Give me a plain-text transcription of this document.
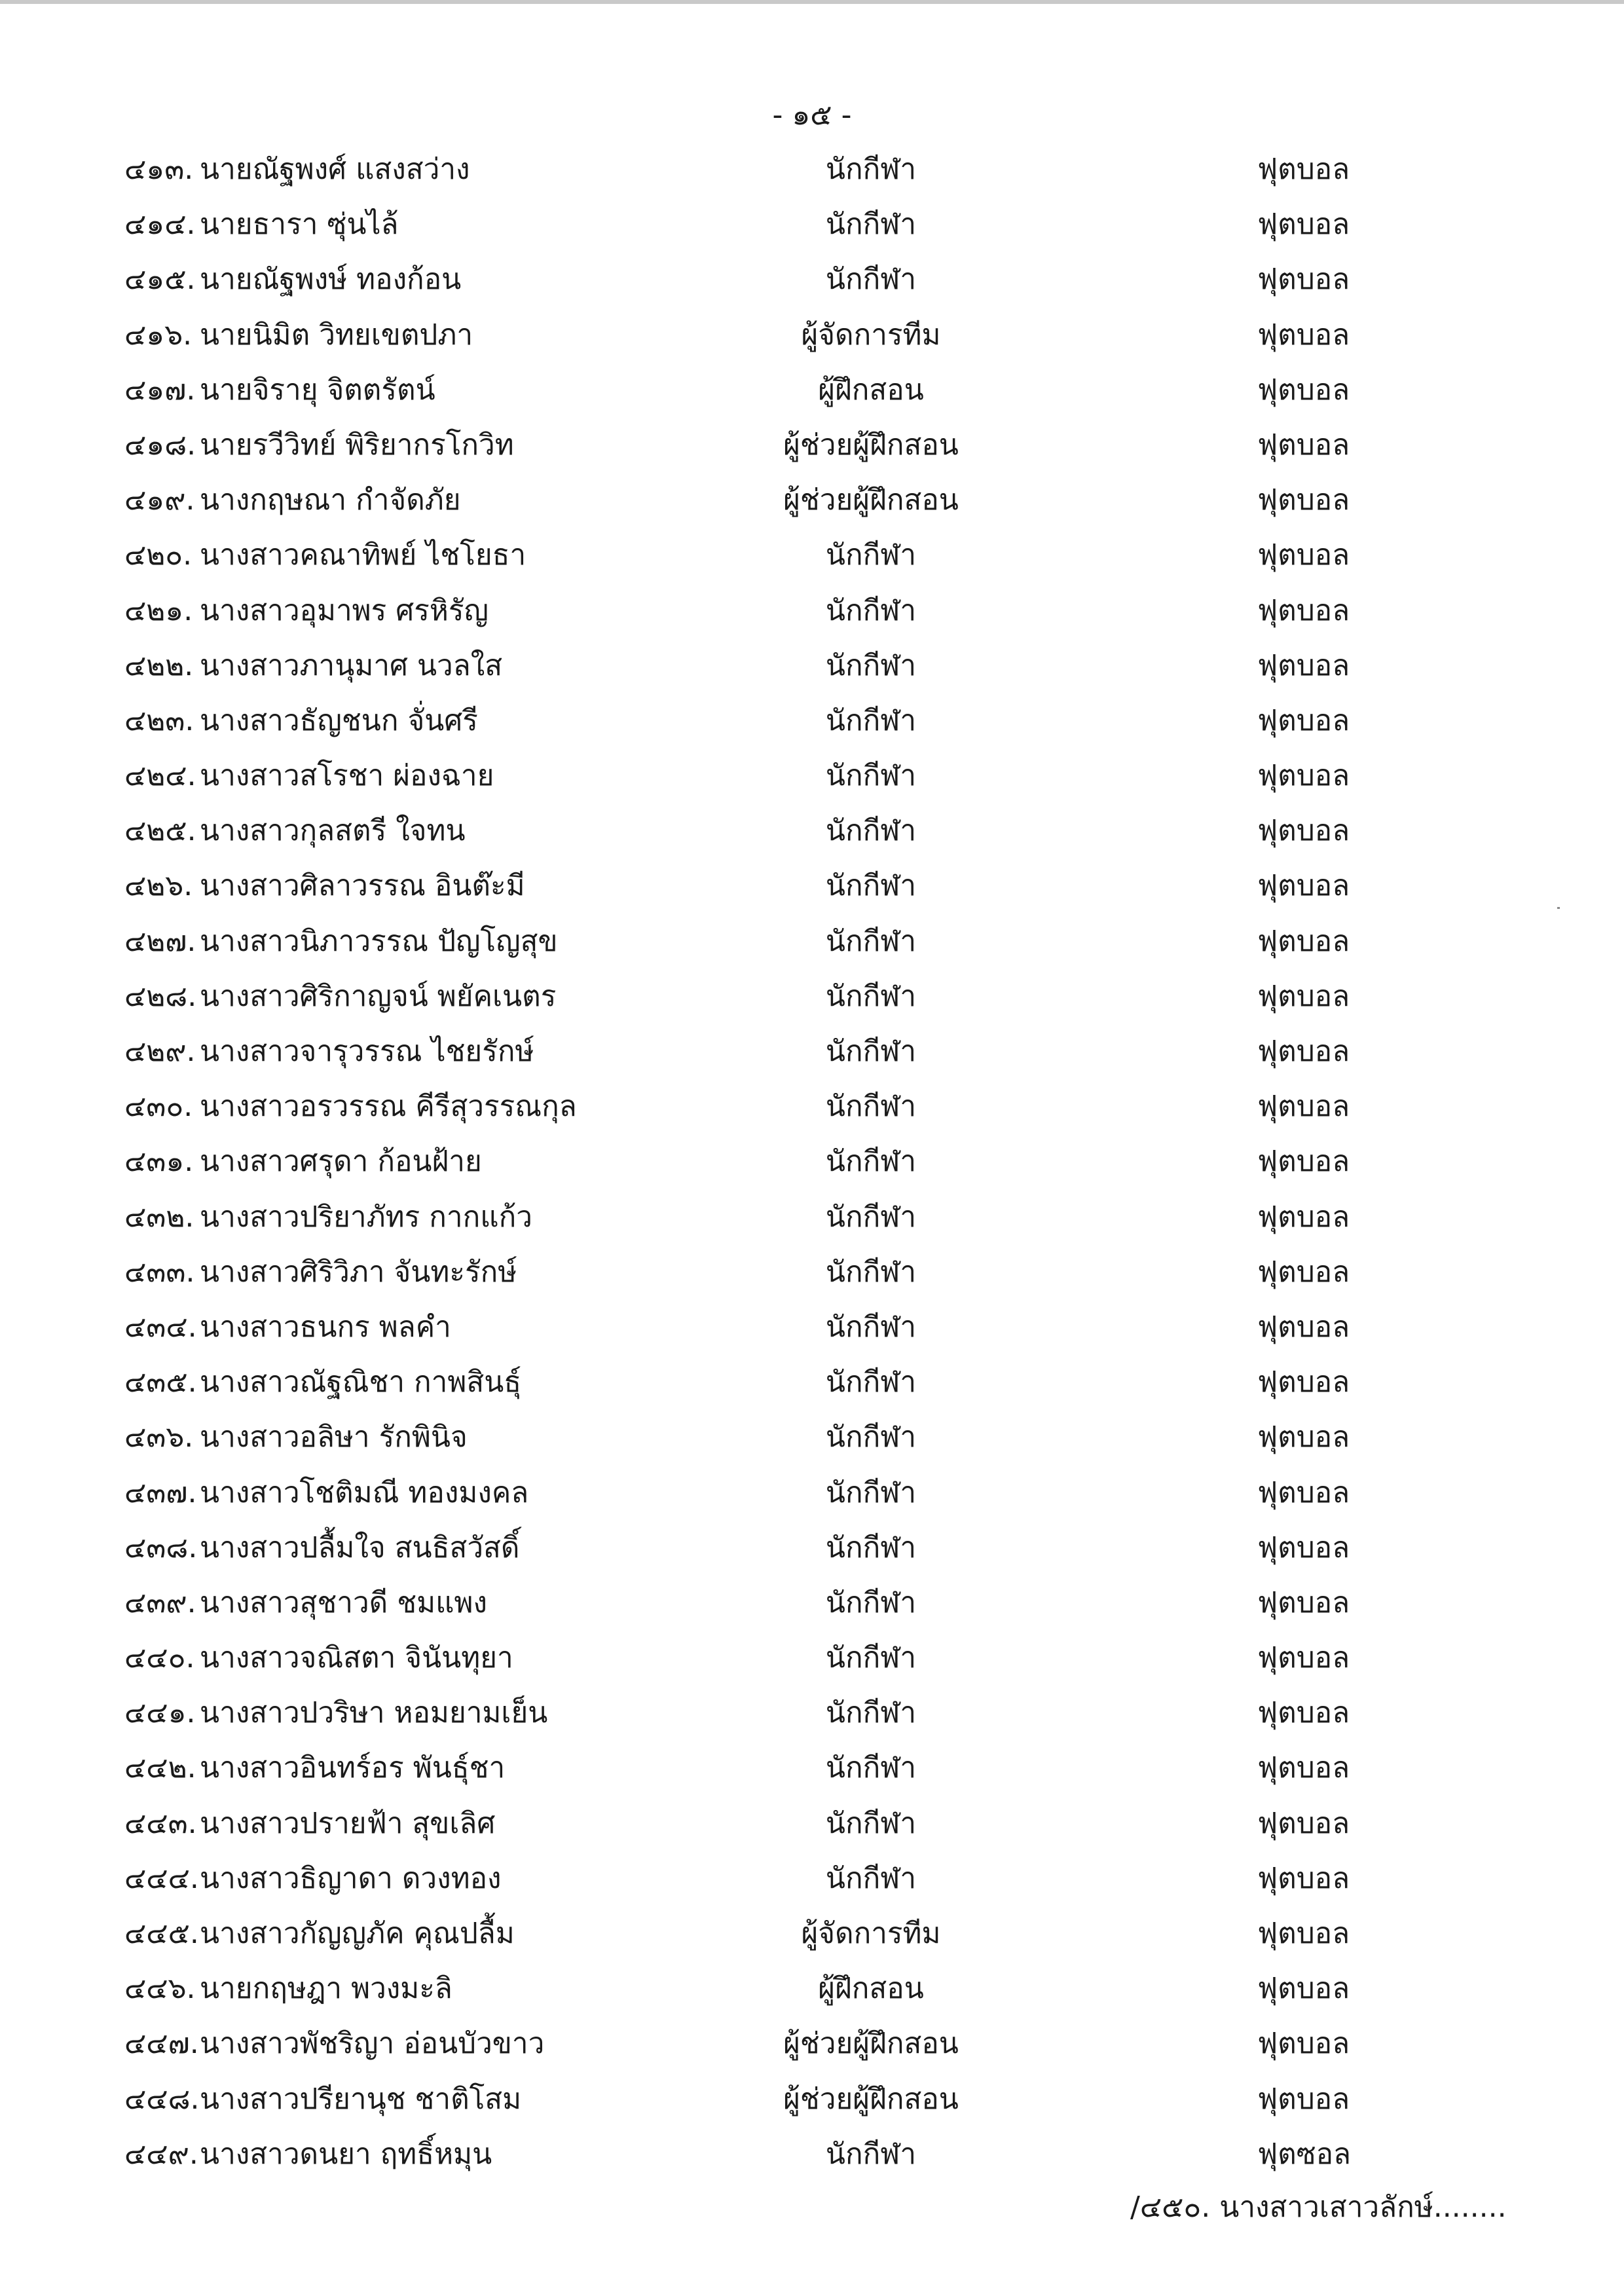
- ๑๕ -
๔๑๓. นายณัฐพงศ์ แสงสว่าง	นักกีฬา	ฟุตบอล
๔๑๔. นายธารา ซุ่นไล้	นักกีฬา	ฟุตบอล
๔๑๕. นายณัฐพงษ์ ทองก้อน	นักกีฬา	ฟุตบอล
๔๑๖. นายนิมิต วิทยเขตปภา	ผู้จัดการทีม	ฟุตบอล
๔๑๗. นายจิรายุ จิตตรัตน์	ผู้ฝึกสอน	ฟุตบอล
๔๑๘. นายรวีวิทย์ พิริยากรโกวิท	ผู้ช่วยผู้ฝึกสอน	ฟุตบอล
๔๑๙. นางกฤษณา กำจัดภัย	ผู้ช่วยผู้ฝึกสอน	ฟุตบอล
๔๒๐. นางสาวคณาทิพย์ ไชโยธา	นักกีฬา	ฟุตบอล
๔๒๑. นางสาวอุมาพร ศรหิรัญ	นักกีฬา	ฟุตบอล
๔๒๒. นางสาวภานุมาศ นวลใส	นักกีฬา	ฟุตบอล
๔๒๓. นางสาวธัญชนก จั่นศรี	นักกีฬา	ฟุตบอล
๔๒๔. นางสาวสโรชา ผ่องฉาย	นักกีฬา	ฟุตบอล
๔๒๕. นางสาวกุลสตรี ใจทน	นักกีฬา	ฟุตบอล
๔๒๖. นางสาวศิลาวรรณ อินต๊ะมี	นักกีฬา	ฟุตบอล
๔๒๗. นางสาวนิภาวรรณ ปัญโญสุข	นักกีฬา	ฟุตบอล
๔๒๘. นางสาวศิริกาญจน์ พยัคเนตร	นักกีฬา	ฟุตบอล
๔๒๙. นางสาวจารุวรรณ ไชยรักษ์	นักกีฬา	ฟุตบอล
๔๓๐. นางสาวอรวรรณ คีรีสุวรรณกุล	นักกีฬา	ฟุตบอล
๔๓๑. นางสาวศรุดา ก้อนฝ้าย	นักกีฬา	ฟุตบอล
๔๓๒. นางสาวปริยาภัทร กากแก้ว	นักกีฬา	ฟุตบอล
๔๓๓. นางสาวศิริวิภา จันทะรักษ์	นักกีฬา	ฟุตบอล
๔๓๔. นางสาวธนกร พลคำ	นักกีฬา	ฟุตบอล
๔๓๕. นางสาวณัฐณิชา กาพสินธุ์	นักกีฬา	ฟุตบอล
๔๓๖. นางสาวอลิษา รักพินิจ	นักกีฬา	ฟุตบอล
๔๓๗. นางสาวโชติมณี ทองมงคล	นักกีฬา	ฟุตบอล
๔๓๘. นางสาวปลื้มใจ สนธิสวัสดิ์	นักกีฬา	ฟุตบอล
๔๓๙. นางสาวสุชาวดี ชมแพง	นักกีฬา	ฟุตบอล
๔๔๐. นางสาวจณิสตา จินันทุยา	นักกีฬา	ฟุตบอล
๔๔๑. นางสาวปวริษา หอมยามเย็น	นักกีฬา	ฟุตบอล
๔๔๒. นางสาวอินทร์อร พันธุ์ชา	นักกีฬา	ฟุตบอล
๔๔๓. นางสาวปรายฟ้า สุขเลิศ	นักกีฬา	ฟุตบอล
๔๔๔. นางสาวธิญาดา ดวงทอง	นักกีฬา	ฟุตบอล
๔๔๕. นางสาวกัญญภัค คุณปลื้ม	ผู้จัดการทีม	ฟุตบอล
๔๔๖. นายกฤษฎา พวงมะลิ	ผู้ฝึกสอน	ฟุตบอล
๔๔๗. นางสาวพัชริญา อ่อนบัวขาว	ผู้ช่วยผู้ฝึกสอน	ฟุตบอล
๔๔๘. นางสาวปรียานุช ชาติโสม	ผู้ช่วยผู้ฝึกสอน	ฟุตบอล
๔๔๙. นางสาวดนยา ฤทธิ์หมุน	นักกีฬา	ฟุตซอล
/๔๕๐. นางสาวเสาวลักษ์........
